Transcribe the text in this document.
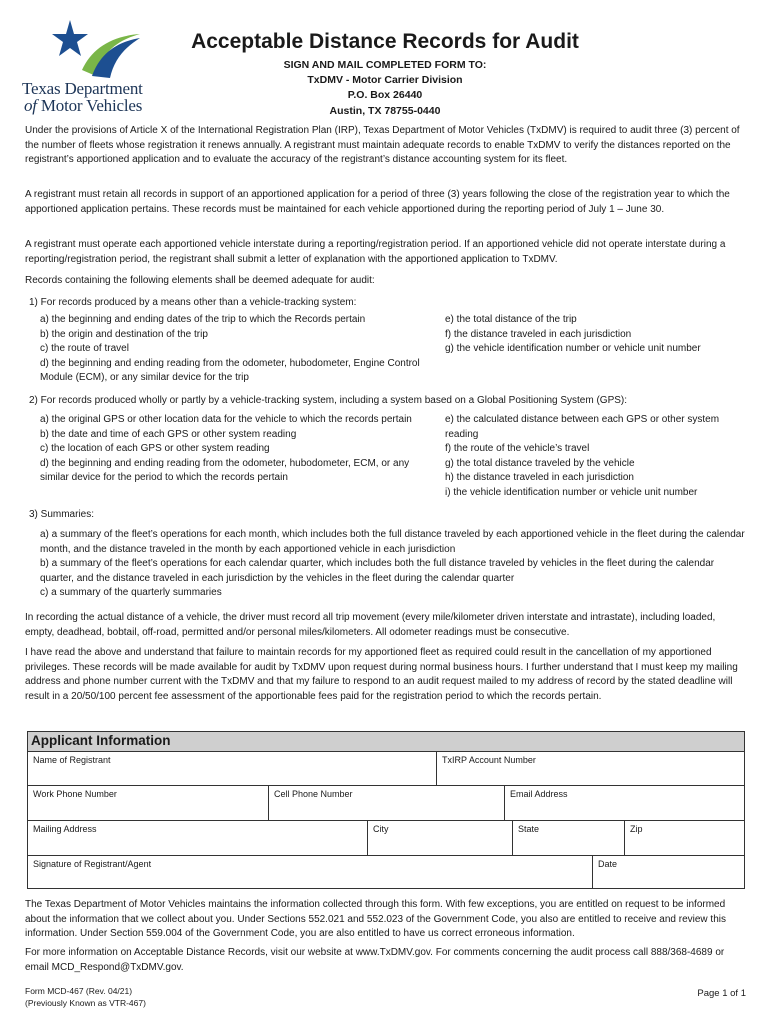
Texas Department
of Motor Vehicles
Acceptable Distance Records for Audit
SIGN AND MAIL COMPLETED FORM TO:
TxDMV - Motor Carrier Division
P.O. Box 26440
Austin, TX 78755-0440
Under the provisions of Article X of the International Registration Plan (IRP), Texas Department of Motor Vehicles (TxDMV) is required to audit three (3) percent of the number of fleets whose registration it renews annually. A registrant must maintain adequate records to enable TxDMV to verify the distances reported on the registrant’s apportioned application and to evaluate the accuracy of the registrant’s distance accounting system for its fleet.
A registrant must retain all records in support of an apportioned application for a period of three (3) years following the close of the registration year to which the apportioned application pertains. These records must be maintained for each vehicle apportioned during the reporting period of July 1 – June 30.
A registrant must operate each apportioned vehicle interstate during a reporting/registration period. If an apportioned vehicle did not operate interstate during a reporting/registration period, the registrant shall submit a letter of explanation with the apportioned application to TxDMV.
Records containing the following elements shall be deemed adequate for audit:
1) For records produced by a means other than a vehicle-tracking system:
a) the beginning and ending dates of the trip to which the Records pertain
b) the origin and destination of the trip
c) the route of travel
d) the beginning and ending reading from the odometer, hubodometer, Engine Control Module (ECM), or any similar device for the trip
e) the total distance of the trip
f) the distance traveled in each jurisdiction
g) the vehicle identification number or vehicle unit number
2) For records produced wholly or partly by a vehicle-tracking system, including a system based on a Global Positioning System (GPS):
a) the original GPS or other location data for the vehicle to which the records pertain
b) the date and time of each GPS or other system reading
c) the location of each GPS or other system reading
d) the beginning and ending reading from the odometer, hubodometer, ECM, or any similar device for the period to which the records pertain
e) the calculated distance between each GPS or other system reading
f) the route of the vehicle’s travel
g) the total distance traveled by the vehicle
h) the distance traveled in each jurisdiction
i) the vehicle identification number or vehicle unit number
3) Summaries:
a) a summary of the fleet’s operations for each month, which includes both the full distance traveled by each apportioned vehicle in the fleet during the calendar month, and the distance traveled in the month by each apportioned vehicle in each jurisdiction
b) a summary of the fleet’s operations for each calendar quarter, which includes both the full distance traveled by vehicles in the fleet during the calendar quarter, and the distance traveled in each jurisdiction by the vehicles in the fleet during the calendar quarter
c) a summary of the quarterly summaries
In recording the actual distance of a vehicle, the driver must record all trip movement (every mile/kilometer driven interstate and intrastate), including loaded, empty, deadhead, bobtail, off-road, permitted and/or personal miles/kilometers. All odometer readings must be consecutive.
I have read the above and understand that failure to maintain records for my apportioned fleet as required could result in the cancellation of my apportioned privileges. These records will be made available for audit by TxDMV upon request during normal business hours. I further understand that I must keep my mailing address and phone number current with the TxDMV and that my failure to respond to an audit request mailed to my address of record by the stated deadline will result in a 20/50/100 percent fee assessment of the apportionable fees paid for the registration period to which the records pertain.
Applicant Information
Name of Registrant	TxIRP Account Number
Work Phone Number	Cell Phone Number	Email Address
Mailing Address	City	State	Zip
Signature of Registrant/Agent	Date
The Texas Department of Motor Vehicles maintains the information collected through this form. With few exceptions, you are entitled on request to be informed about the information that we collect about you. Under Sections 552.021 and 552.023 of the Government Code, you also are entitled to receive and review this information. Under Section 559.004 of the Government Code, you are also entitled to have us correct erroneous information.
For more information on Acceptable Distance Records, visit our website at www.TxDMV.gov. For comments concerning the audit process call 888/368-4689 or email MCD_Respond@TxDMV.gov.
Form MCD-467 (Rev. 04/21)
(Previously Known as VTR-467)
Page 1 of 1
